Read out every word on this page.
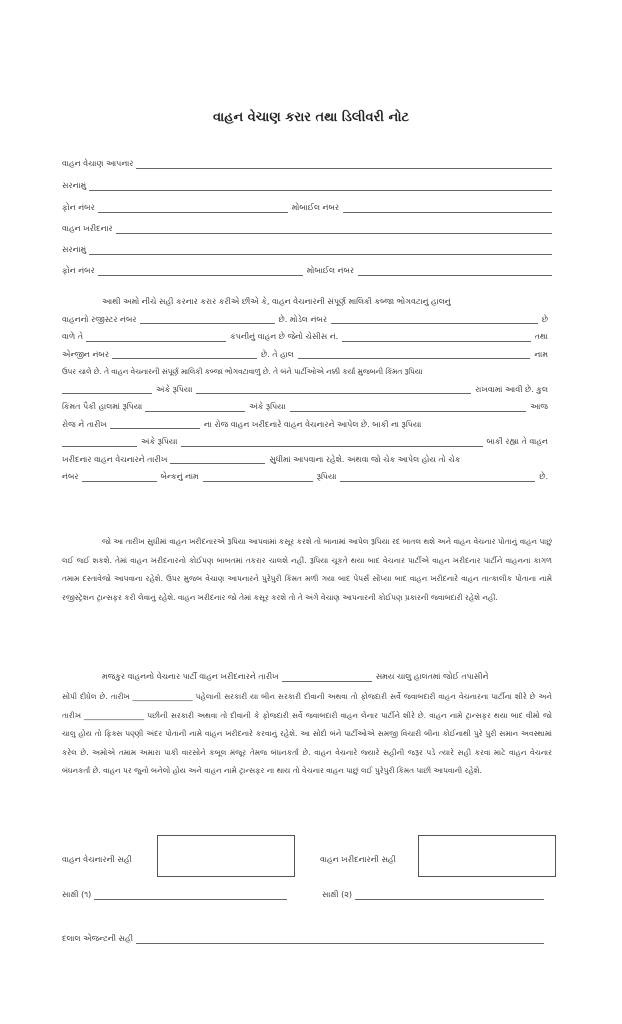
વાહન વેચાણ કરાર તથા ડિલીવરી નોટ
વાહન વેચાણ આપનાર
સરનામું
ફોન નંબર	મોબાઈલ નંબર
વાહન ખરીદનાર
સરનામું
ફોન નંબર	મોબાઈલ નંબર
આથી અમો નીચે સહી કરનાર કરાર કરીએ છીએ કે, વાહન વેચનારની સંપૂર્ણ માલિકી કબ્જા ભોગવટાનું હાલનું
વાહનનો રજીસ્ટર નંબર	છે. મોડેલ નંબર	છે
વાળે તે	કંપનીનું વાહન છે જેનો ચેસીસ નં.	તથા
એન્જીન નંબર	છે. તે હાલ	નામ
ઉપર ચાલે છે. તે વાહન વેચનારની સંપૂર્ણ માલિકી કબ્જા ભોગવટાવાળું છે. તે બંને પાર્ટીઓએ નક્કી કર્યા મુજબની કિંમત રૂપિયા
અંકે રૂપિયા	રાખવામાં આવી છે. કુલ
કિંમત પૈકી હાલમાં રૂપિયા	અંકે રૂપિયા	આજ
રોજ ને તારીખ	ના રોજ વાહન ખરીદનારે વાહન વેચનારને આપેલ છે. બાકી ના રૂપિયા
અંકે રૂપિયા	બાકી રહ્યા તે વાહન
ખરીદનાર વાહન વેચનારને તારીખ	સુધીમાં આપવાના રહેશે. અથવા જો ચેક આપેલ હોય તો ચેક
નંબર	બેન્કનું નામ	રૂપિયા	છે.
જો આ તારીખ સુધીમાં વાહન ખરીદનારએ રૂપિયા આપવામાં કસૂર કરશે તો બાનામાં આપેલ રૂપિયા રદ બાતલ થશે અને વાહન વેચનાર પોતાનું વાહન પાછું લઈ જઈ શકશે. તેમાં વાહન ખરીદનારનો કોઈપણ બાબતમાં તકરાર ચાલશે નહીં. રૂપિયા ચૂકતે થયા બાદ વેચનાર પાર્ટીએ વાહન ખરીદનાર પાર્ટીને વાહનના કાગળ તમામ દસ્તાવેજો આપવાના રહેશે. ઉપર મુજબ વેચાણ આપનારને પુરેપુરી કિંમત મળી ગયા બાદ પેપર્સ સોંપ્યા બાદ વાહન ખરીદનારે વાહન તાત્કાલીક પોતાના નામે રજીસ્ટ્રેશન ટ્રાન્સફર કરી લેવાનું રહેશે. વાહન ખરીદનાર જો તેમાં કસૂર કરશે તો તે અંગે વેચાણ આપનારની કોઈપણ પ્રકારની જવાબદારી રહેશે નહીં.
મજકુર વાહનનો વેચનાર પાર્ટી વાહન ખરીદનારને તારીખ	સમય ચાલુ હાલતમાં જોઈ તપાસીને
સોંપી દીધેલ છે. તારીખ ________________ પહેલાની સરકારી યા બીન સરકારી દીવાની અથવા તો ફોજદારી સર્વે જવાબદારી વાહન વેચનારના પાર્ટીના શીરે છે અને તારીખ ________________ પછીની સરકારી અથવા તો દીવાની કે ફોજદારી સર્વે જવાબદારી વાહન લેનાર પાર્ટીને શીરે છે. વાહન નામે ટ્રાન્સફર થયા બાદ વીમો જો ચાલુ હોય તો ફિક્સ પણ્ણી અંદર પોતાની નામે વાહન ખરીદનારે કરવાનું રહેશે. આ સોદો બંને પાર્ટીઓએ સમજી વિચારી બીના કોઈનાથી પુરે પુરી સમાન અવસ્થામાં કરેલ છે. અમોએ તમામ અમારા પાકી વારસોને કબૂલ મંજૂર તેમજ બંધનકર્તા છે. વાહન વેચનારે જ્યારે સહીની જરૂર પડે ત્યારે સહી કરવા માટે વાહન વેચનાર બંધનકર્તા છે. વાહન પર જુનો બનેલો હોય અને વાહન નામે ટ્રાન્સફર ના થાય તો વેચનાર વાહન પાછું લઈ પુરેપુરી કિંમત પાછી આપવાની રહેશે.
વાહન વેચનારની સહી	વાહન ખરીદનારની સહી
સાક્ષી (૧)	સાક્ષી (૨)
દલાલ એજન્ટની સહી
